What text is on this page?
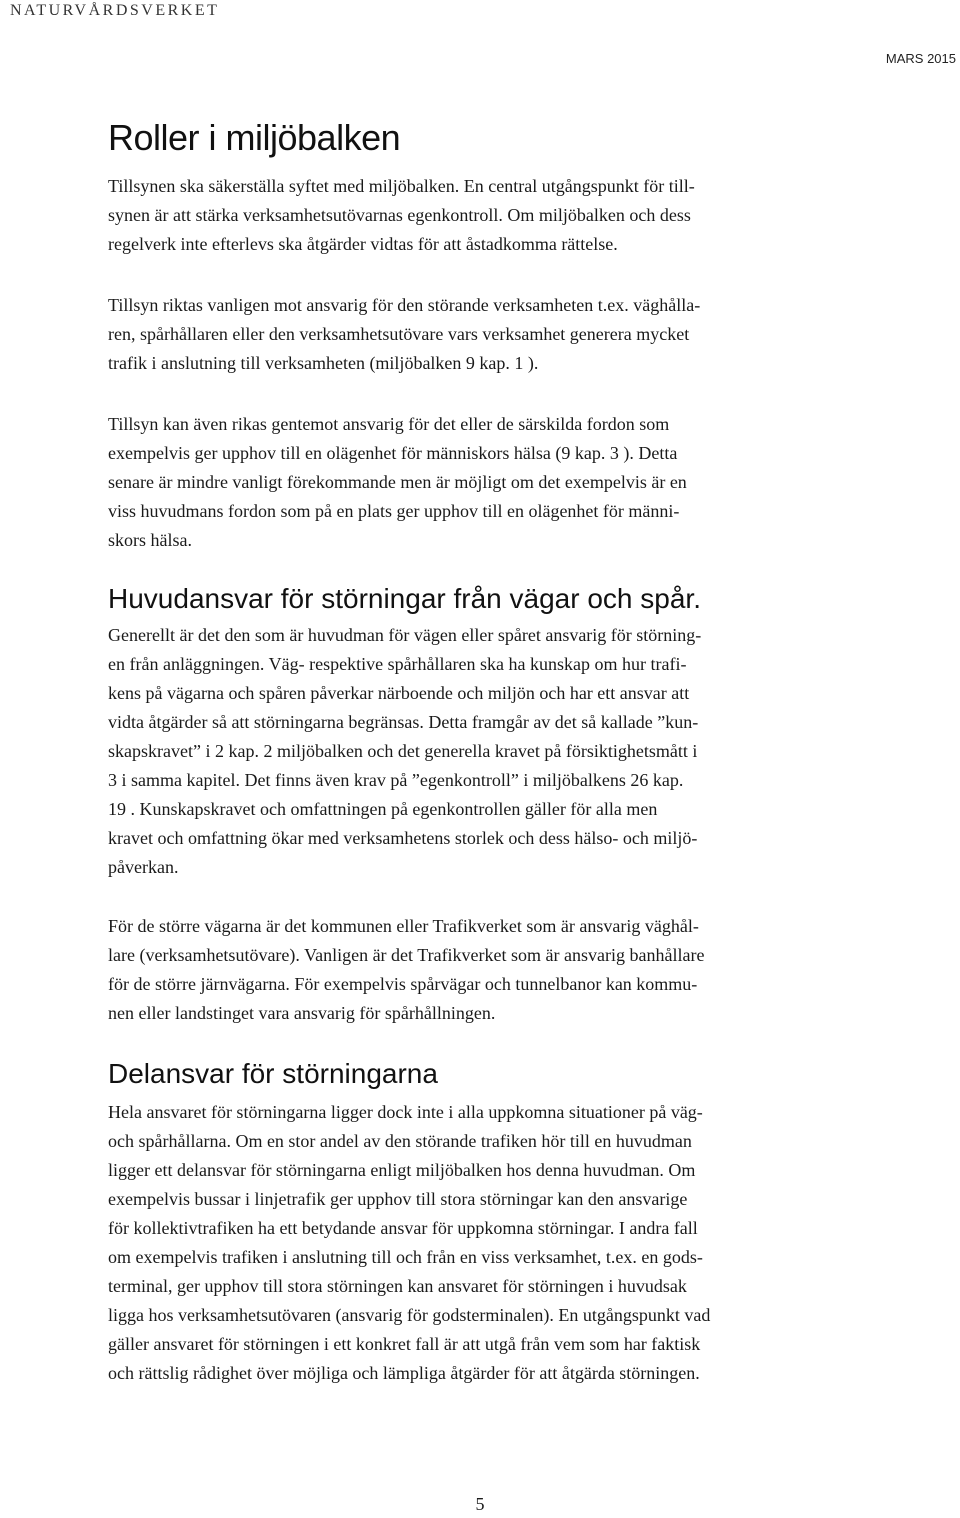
NATURVÅRDSVERKET
MARS 2015
Roller i miljöbalken
Tillsynen ska säkerställa syftet med miljöbalken. En central utgångspunkt för till-
synen är att stärka verksamhetsutövarnas egenkontroll. Om miljöbalken och dess
regelverk inte efterlevs ska åtgärder vidtas för att åstadkomma rättelse.
Tillsyn riktas vanligen mot ansvarig för den störande verksamheten t.ex. väghålla-
ren, spårhållaren eller den verksamhetsutövare vars verksamhet generera mycket
trafik i anslutning till verksamheten (miljöbalken 9 kap. 1 ).
Tillsyn kan även rikas gentemot ansvarig för det eller de särskilda fordon som
exempelvis ger upphov till en olägenhet för människors hälsa (9 kap. 3 ). Detta
senare är mindre vanligt förekommande men är möjligt om det exempelvis är en
viss huvudmans fordon som på en plats ger upphov till en olägenhet för männi-
skors hälsa.
Huvudansvar för störningar från vägar och spår.
Generellt är det den som är huvudman för vägen eller spåret ansvarig för störning-
en från anläggningen. Väg- respektive spårhållaren ska ha kunskap om hur trafi-
kens på vägarna och spåren påverkar närboende och miljön och har ett ansvar att
vidta åtgärder så att störningarna begränsas. Detta framgår av det så kallade ”kun-
skapskravet” i 2 kap. 2 miljöbalken och det generella kravet på försiktighetsmått i
3 i samma kapitel. Det finns även krav på ”egenkontroll” i miljöbalkens 26 kap.
19 . Kunskapskravet och omfattningen på egenkontrollen gäller för alla men
kravet och omfattning ökar med verksamhetens storlek och dess hälso- och miljö-
påverkan.
För de större vägarna är det kommunen eller Trafikverket som är ansvarig väghål-
lare (verksamhetsutövare). Vanligen är det Trafikverket som är ansvarig banhållare
för de större järnvägarna. För exempelvis spårvägar och tunnelbanor kan kommu-
nen eller landstinget vara ansvarig för spårhållningen.
Delansvar för störningarna
Hela ansvaret för störningarna ligger dock inte i alla uppkomna situationer på väg-
och spårhållarna. Om en stor andel av den störande trafiken hör till en huvudman
ligger ett delansvar för störningarna enligt miljöbalken hos denna huvudman. Om
exempelvis bussar i linjetrafik ger upphov till stora störningar kan den ansvarige
för kollektivtrafiken ha ett betydande ansvar för uppkomna störningar. I andra fall
om exempelvis trafiken i anslutning till och från en viss verksamhet, t.ex. en gods-
terminal, ger upphov till stora störningen kan ansvaret för störningen i huvudsak
ligga hos verksamhetsutövaren (ansvarig för godsterminalen). En utgångspunkt vad
gäller ansvaret för störningen i ett konkret fall är att utgå från vem som har faktisk
och rättslig rådighet över möjliga och lämpliga åtgärder för att åtgärda störningen.
5
